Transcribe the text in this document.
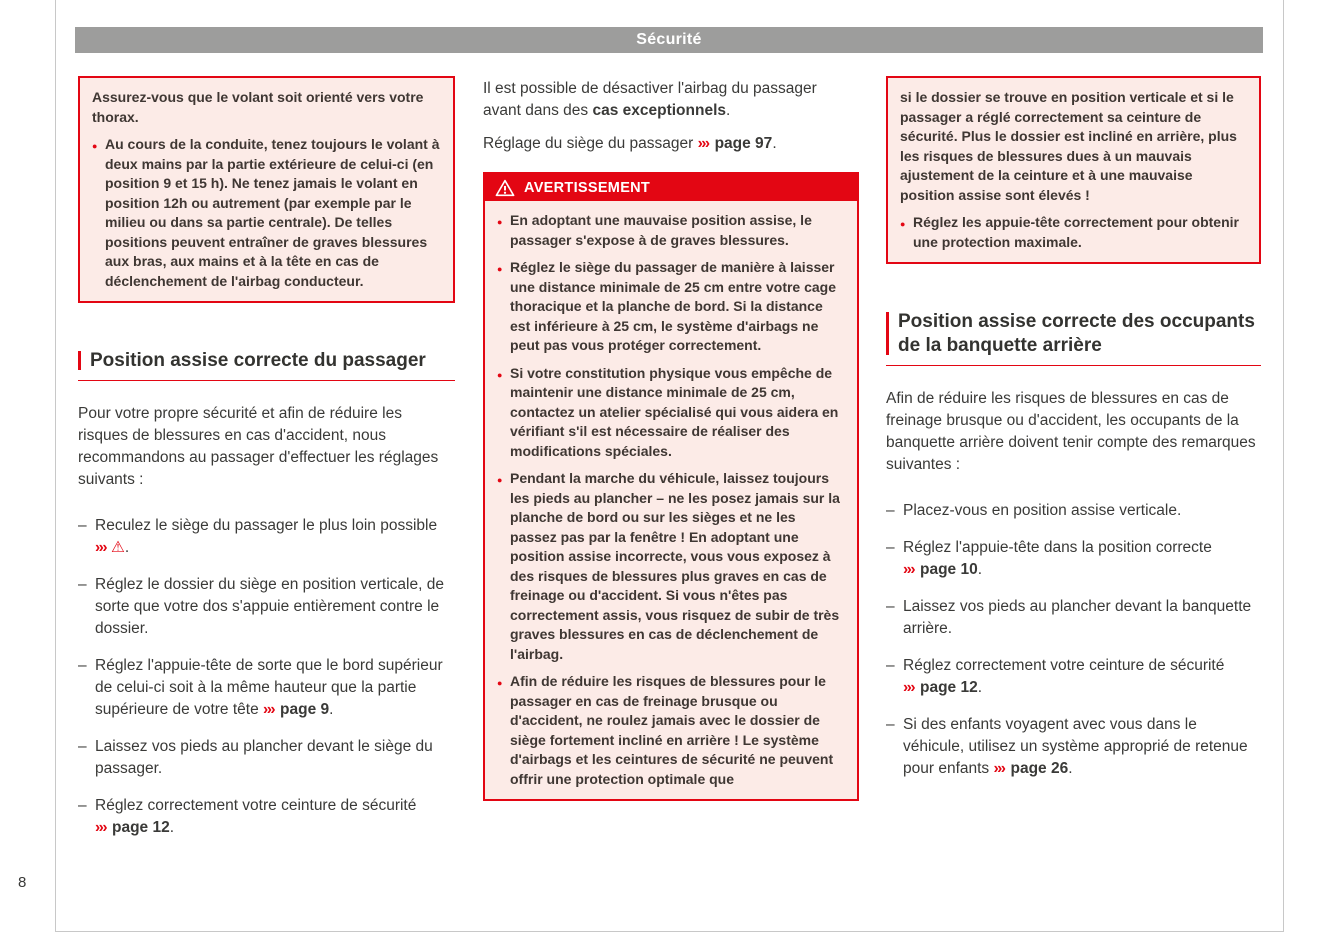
Sécurité

Assurez-vous que le volant soit orienté vers votre thorax.

● Au cours de la conduite, tenez toujours le volant à deux mains par la partie extérieure de celui-ci (en position 9 et 15 h). Ne tenez jamais le volant en position 12h ou autrement (par exemple par le milieu ou dans sa partie centrale). De telles positions peuvent entraîner de graves blessures aux bras, aux mains et à la tête en cas de déclenchement de l'airbag conducteur.

Position assise correcte du passager

Pour votre propre sécurité et afin de réduire les risques de blessures en cas d'accident, nous recommandons au passager d'effectuer les réglages suivants :

– Reculez le siège du passager le plus loin possible ››› ⚠.
– Réglez le dossier du siège en position verticale, de sorte que votre dos s'appuie entièrement contre le dossier.
– Réglez l'appuie-tête de sorte que le bord supérieur de celui-ci soit à la même hauteur que la partie supérieure de votre tête ››› page 9.
– Laissez vos pieds au plancher devant le siège du passager.
– Réglez correctement votre ceinture de sécurité ››› page 12.

Il est possible de désactiver l'airbag du passager avant dans des cas exceptionnels.

Réglage du siège du passager ››› page 97.

AVERTISSEMENT

● En adoptant une mauvaise position assise, le passager s'expose à de graves blessures.

● Réglez le siège du passager de manière à laisser une distance minimale de 25 cm entre votre cage thoracique et la planche de bord. Si la distance est inférieure à 25 cm, le système d'airbags ne peut pas vous protéger correctement.

● Si votre constitution physique vous empêche de maintenir une distance minimale de 25 cm, contactez un atelier spécialisé qui vous aidera en vérifiant s'il est nécessaire de réaliser des modifications spéciales.

● Pendant la marche du véhicule, laissez toujours les pieds au plancher – ne les posez jamais sur la planche de bord ou sur les sièges et ne les passez pas par la fenêtre ! En adoptant une position assise incorrecte, vous vous exposez à des risques de blessures plus graves en cas de freinage ou d'accident. Si vous n'êtes pas correctement assis, vous risquez de subir de très graves blessures en cas de déclenchement de l'airbag.

● Afin de réduire les risques de blessures pour le passager en cas de freinage brusque ou d'accident, ne roulez jamais avec le dossier de siège fortement incliné en arrière ! Le système d'airbags et les ceintures de sécurité ne peuvent offrir une protection optimale que

si le dossier se trouve en position verticale et si le passager a réglé correctement sa ceinture de sécurité. Plus le dossier est incliné en arrière, plus les risques de blessures dues à un mauvais ajustement de la ceinture et à une mauvaise position assise sont élevés !

● Réglez les appuie-tête correctement pour obtenir une protection maximale.

Position assise correcte des occupants de la banquette arrière

Afin de réduire les risques de blessures en cas de freinage brusque ou d'accident, les occupants de la banquette arrière doivent tenir compte des remarques suivantes :

– Placez-vous en position assise verticale.
– Réglez l'appuie-tête dans la position correcte ››› page 10.
– Laissez vos pieds au plancher devant la banquette arrière.
– Réglez correctement votre ceinture de sécurité ››› page 12.
– Si des enfants voyagent avec vous dans le véhicule, utilisez un système approprié de retenue pour enfants ››› page 26.
8
